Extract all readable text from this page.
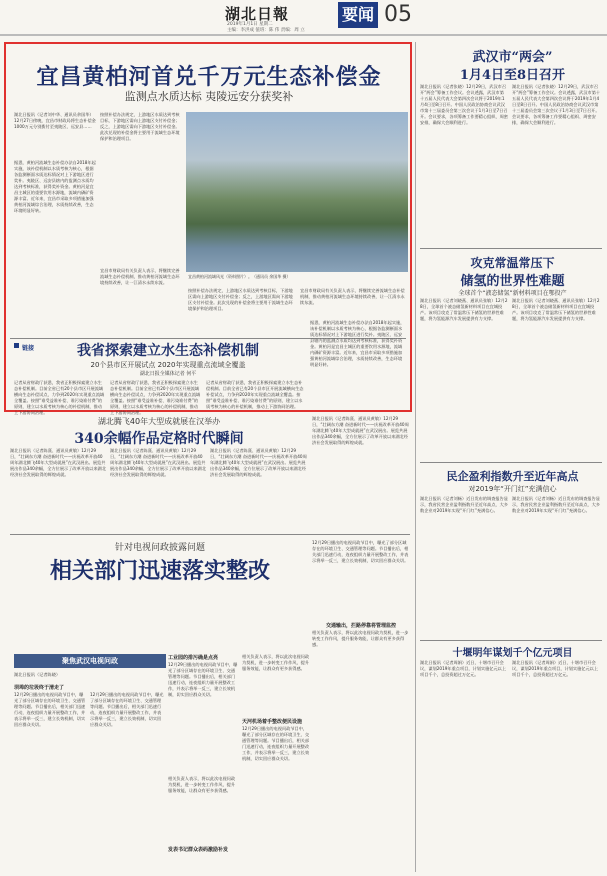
湖北日報
2019年1月1日 星期二
主编：李洪成 值班：陈 伟 责编：周 立
要闻 05
宜昌黄柏河首兑千万元生态补偿金
监测点水质达标 夷陵远安分获奖补
湖北日报讯（记者刘中华、通讯员余国华）12月27日傍晚，宜昌市财政局将生态补偿金1000万元分别拨付至夷陵区、远安县……
据悉，黄柏河流域生态补偿办法自2018年起实施，该补偿机制以水质考核为核心，根据各监测断面水质达标情况对上下游地区进行奖补。夷陵区、远安县辖内的监测点水质均达到考核标准，获得奖补资金。黄柏河是宜昌主城区的重要饮用水源地，流域内磷矿资源丰富。近年来，宜昌市采取多项措施加强黄柏河流域综合治理，水质持续改善，生态环境明显好转。
按照补偿办法规定，上游地区水质达到考核目标，下游地区需向上游地区支付补偿金；反之，上游地区需向下游地区支付补偿金。此次兑现的补偿金将主要用于流域生态环境保护和治理项目。
宜昌黄柏河流域风光（资料照片）。（通讯员 余国华 摄）
宜昌市财政局有关负责人表示，将继续完善流域生态补偿机制，推动黄柏河流域生态环境持续改善，让一江清水永续东流。
按照补偿办法规定，上游地区水质达到考核目标，下游地区需向上游地区支付补偿金；反之，上游地区需向下游地区支付补偿金。此次兑现的补偿金将主要用于流域生态环境保护和治理项目。
宜昌市财政局有关负责人表示，将继续完善流域生态补偿机制，推动黄柏河流域生态环境持续改善，让一江清水永续东流。
链接	我省探索建立水生态补偿机制
20个县市区开展试点 2020年实现重点流域全覆盖
湖北日报全媒体记者 何平
记者从省财政厅获悉，我省正积极探索建立水生态补偿机制。目前全省已有20个县市区开展流域横向生态补偿试点，力争到2020年实现重点流域全覆盖。按照“谁受益谁补偿、谁污染谁付费”的原则，建立以水质考核为核心的补偿机制，推动上下游协同治理。
记者从省财政厅获悉，我省正积极探索建立水生态补偿机制。目前全省已有20个县市区开展流域横向生态补偿试点，力争到2020年实现重点流域全覆盖。按照“谁受益谁补偿、谁污染谁付费”的原则，建立以水质考核为核心的补偿机制，推动上下游协同治理。
记者从省财政厅获悉，我省正积极探索建立水生态补偿机制。目前全省已有20个县市区开展流域横向生态补偿试点，力争到2020年实现重点流域全覆盖。按照“谁受益谁补偿、谁污染谁付费”的原则，建立以水质考核为核心的补偿机制，推动上下游协同治理。
据悉，黄柏河流域生态补偿办法自2018年起实施，该补偿机制以水质考核为核心，根据各监测断面水质达标情况对上下游地区进行奖补。夷陵区、远安县辖内的监测点水质均达到考核标准，获得奖补资金。黄柏河是宜昌主城区的重要饮用水源地，流域内磷矿资源丰富。近年来，宜昌市采取多项措施加强黄柏河流域综合治理，水质持续改善，生态环境明显好转。
武汉市“两会”
1月4日至8日召开
湖北日报讯（记者张晓）12月29日，武汉市召开“两会”筹备工作会议。会议透露，武汉市第十五届人民代表大会第四次会议将于2019年1月4日至8日召开。中国人民政治协商会议武汉市第十三届委员会第三次会议于1月3日至7日召开。会议要求，各项筹备工作要精心组织、周密安排，确保大会顺利进行。
湖北日报讯（记者张晓）12月29日，武汉市召开“两会”筹备工作会议。会议透露，武汉市第十五届人民代表大会第四次会议将于2019年1月4日至8日召开。中国人民政治协商会议武汉市第十三届委员会第三次会议于1月3日至7日召开。会议要求，各项筹备工作要精心组织、周密安排，确保大会顺利进行。
攻克常温常压下
储氢的世界性难题
全球首个“液态储氢”新材料项目在鄂投产
湖北日报讯（记者刘晓燕、通讯员张敏）12月28日，全球首个液态储氢新材料项目在宜城投产。该项目攻克了常温常压下储氢的世界性难题，将为氢能源汽车发展提供有力支撑。
湖北日报讯（记者刘晓燕、通讯员张敏）12月28日，全球首个液态储氢新材料项目在宜城投产。该项目攻克了常温常压下储氢的世界性难题，将为氢能源汽车发展提供有力支撑。
民企盈利指数升至近年高点
对2019年“开门红”充满信心
湖北日报讯（记者刘畅）近日发布的调查报告显示，我省民营企业盈利指数升至近年高点，大多数企业对2019年实现“开门红”充满信心。
湖北日报讯（记者刘畅）近日发布的调查报告显示，我省民营企业盈利指数升至近年高点，大多数企业对2019年实现“开门红”充满信心。
十堰明年谋划千个亿元项目
湖北日报讯（记者周娟）近日，十堰市召开会议，谋划2019年重点项目，计划实施亿元以上项目千个，总投资超过万亿元。
湖北日报讯（记者周娟）近日，十堰市召开会议，谋划2019年重点项目，计划实施亿元以上项目千个，总投资超过万亿元。
湖北腾飞40年大型成就展在汉举办
340余幅作品定格时代瞬间
湖北日报讯（记者陈熹、通讯员黄敏）12月29日，“壮阔东方潮 奋进新时代——庆祝改革开放40周年湖北腾飞40年大型成就展”在武汉展出。展览共展出作品340余幅，全方位展示了改革开放以来湖北经济社会发展取得的辉煌成就。
湖北日报讯（记者陈熹、通讯员黄敏）12月29日，“壮阔东方潮 奋进新时代——庆祝改革开放40周年湖北腾飞40年大型成就展”在武汉展出。展览共展出作品340余幅，全方位展示了改革开放以来湖北经济社会发展取得的辉煌成就。
湖北日报讯（记者陈熹、通讯员黄敏）12月29日，“壮阔东方潮 奋进新时代——庆祝改革开放40周年湖北腾飞40年大型成就展”在武汉展出。展览共展出作品340余幅，全方位展示了改革开放以来湖北经济社会发展取得的辉煌成就。
湖北日报讯（记者陈熹、通讯员黄敏）12月29日，“壮阔东方潮 奋进新时代——庆祝改革开放40周年湖北腾飞40年大型成就展”在武汉展出。展览共展出作品340余幅，全方位展示了改革开放以来湖北经济社会发展取得的辉煌成就。
针对电视问政披露问题
相关部门迅速落实整改
12月29日播出的电视问政节目中，曝光了部分区域存在的环境卫生、交通管理等问题。节目播出后，相关部门迅速行动，连夜组织力量开展整改工作，并表示将举一反三，建立长效机制，切实回应群众关切。
交通输出，拦路停靠将管理监控
相关负责人表示，将以此次电视问政为契机，进一步转变工作作风，提升服务效能，让群众有更多获得感。
聚焦武汉电视问政
湖北日报讯（记者陈晓）
坝埠的垃圾终于清走了
12月29日播出的电视问政节目中，曝光了部分区域存在的环境卫生、交通管理等问题。节目播出后，相关部门迅速行动，连夜组织力量开展整改工作，并表示将举一反三，建立长效机制，切实回应群众关切。
12月29日播出的电视问政节目中，曝光了部分区域存在的环境卫生、交通管理等问题。节目播出后，相关部门迅速行动，连夜组织力量开展整改工作，并表示将举一反三，建立长效机制，切实回应群众关切。
工业园的排污确是点亮
12月29日播出的电视问政节目中，曝光了部分区域存在的环境卫生、交通管理等问题。节目播出后，相关部门迅速行动，连夜组织力量开展整改工作，并表示将举一反三，建立长效机制，切实回应群众关切。
发表书记群众表码激励补发
相关负责人表示，将以此次电视问政为契机，进一步转变工作作风，提升服务效能，让群众有更多获得感。
天河机场着手整改便民设施
相关负责人表示，将以此次电视问政为契机，进一步转变工作作风，提升服务效能，让群众有更多获得感。
12月29日播出的电视问政节目中，曝光了部分区域存在的环境卫生、交通管理等问题。节目播出后，相关部门迅速行动，连夜组织力量开展整改工作，并表示将举一反三，建立长效机制，切实回应群众关切。
